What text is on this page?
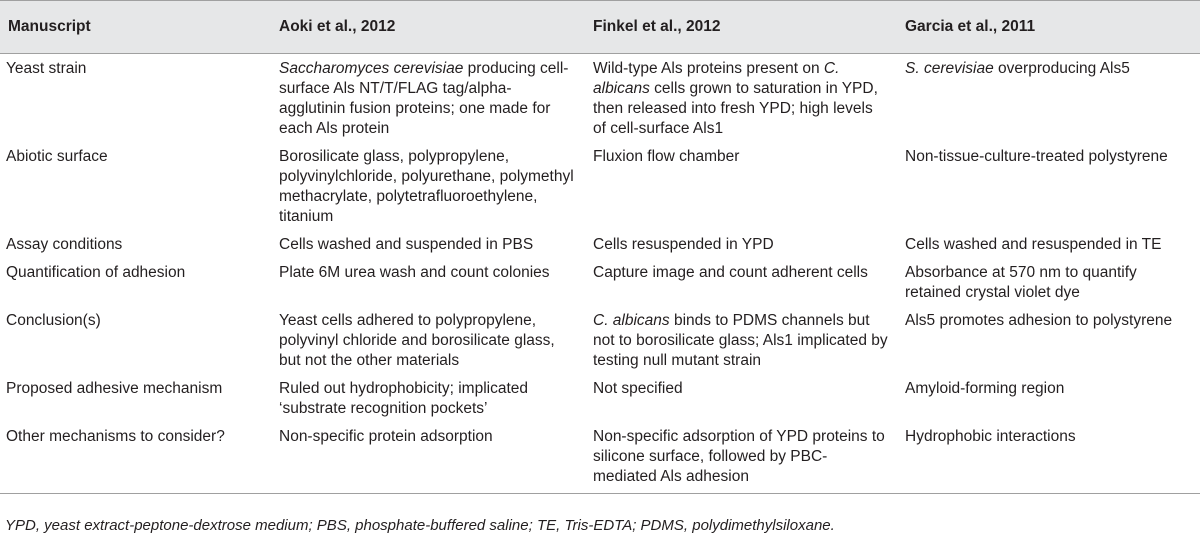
Manuscript	Aoki et al., 2012	Finkel et al., 2012	Garcia et al., 2011
Yeast strain	Saccharomyces cerevisiae producing cell-surface Als NT/T/FLAG tag/alpha-agglutinin fusion proteins; one made for each Als protein	Wild-type Als proteins present on C. albicans cells grown to saturation in YPD, then released into fresh YPD; high levels of cell-surface Als1	S. cerevisiae overproducing Als5
Abiotic surface	Borosilicate glass, polypropylene, polyvinylchloride, polyurethane, polymethyl methacrylate, polytetrafluoroethylene, titanium	Fluxion flow chamber	Non-tissue-culture-treated polystyrene
Assay conditions	Cells washed and suspended in PBS	Cells resuspended in YPD	Cells washed and resuspended in TE
Quantification of adhesion	Plate 6M urea wash and count colonies	Capture image and count adherent cells	Absorbance at 570 nm to quantify retained crystal violet dye
Conclusion(s)	Yeast cells adhered to polypropylene, polyvinyl chloride and borosilicate glass, but not the other materials	C. albicans binds to PDMS channels but not to borosilicate glass; Als1 implicated by testing null mutant strain	Als5 promotes adhesion to polystyrene
Proposed adhesive mechanism	Ruled out hydrophobicity; implicated ‘substrate recognition pockets’	Not specified	Amyloid-forming region
Other mechanisms to consider?	Non-specific protein adsorption	Non-specific adsorption of YPD proteins to silicone surface, followed by PBC-mediated Als adhesion	Hydrophobic interactions
YPD, yeast extract-peptone-dextrose medium; PBS, phosphate-buffered saline; TE, Tris-EDTA; PDMS, polydimethylsiloxane.
